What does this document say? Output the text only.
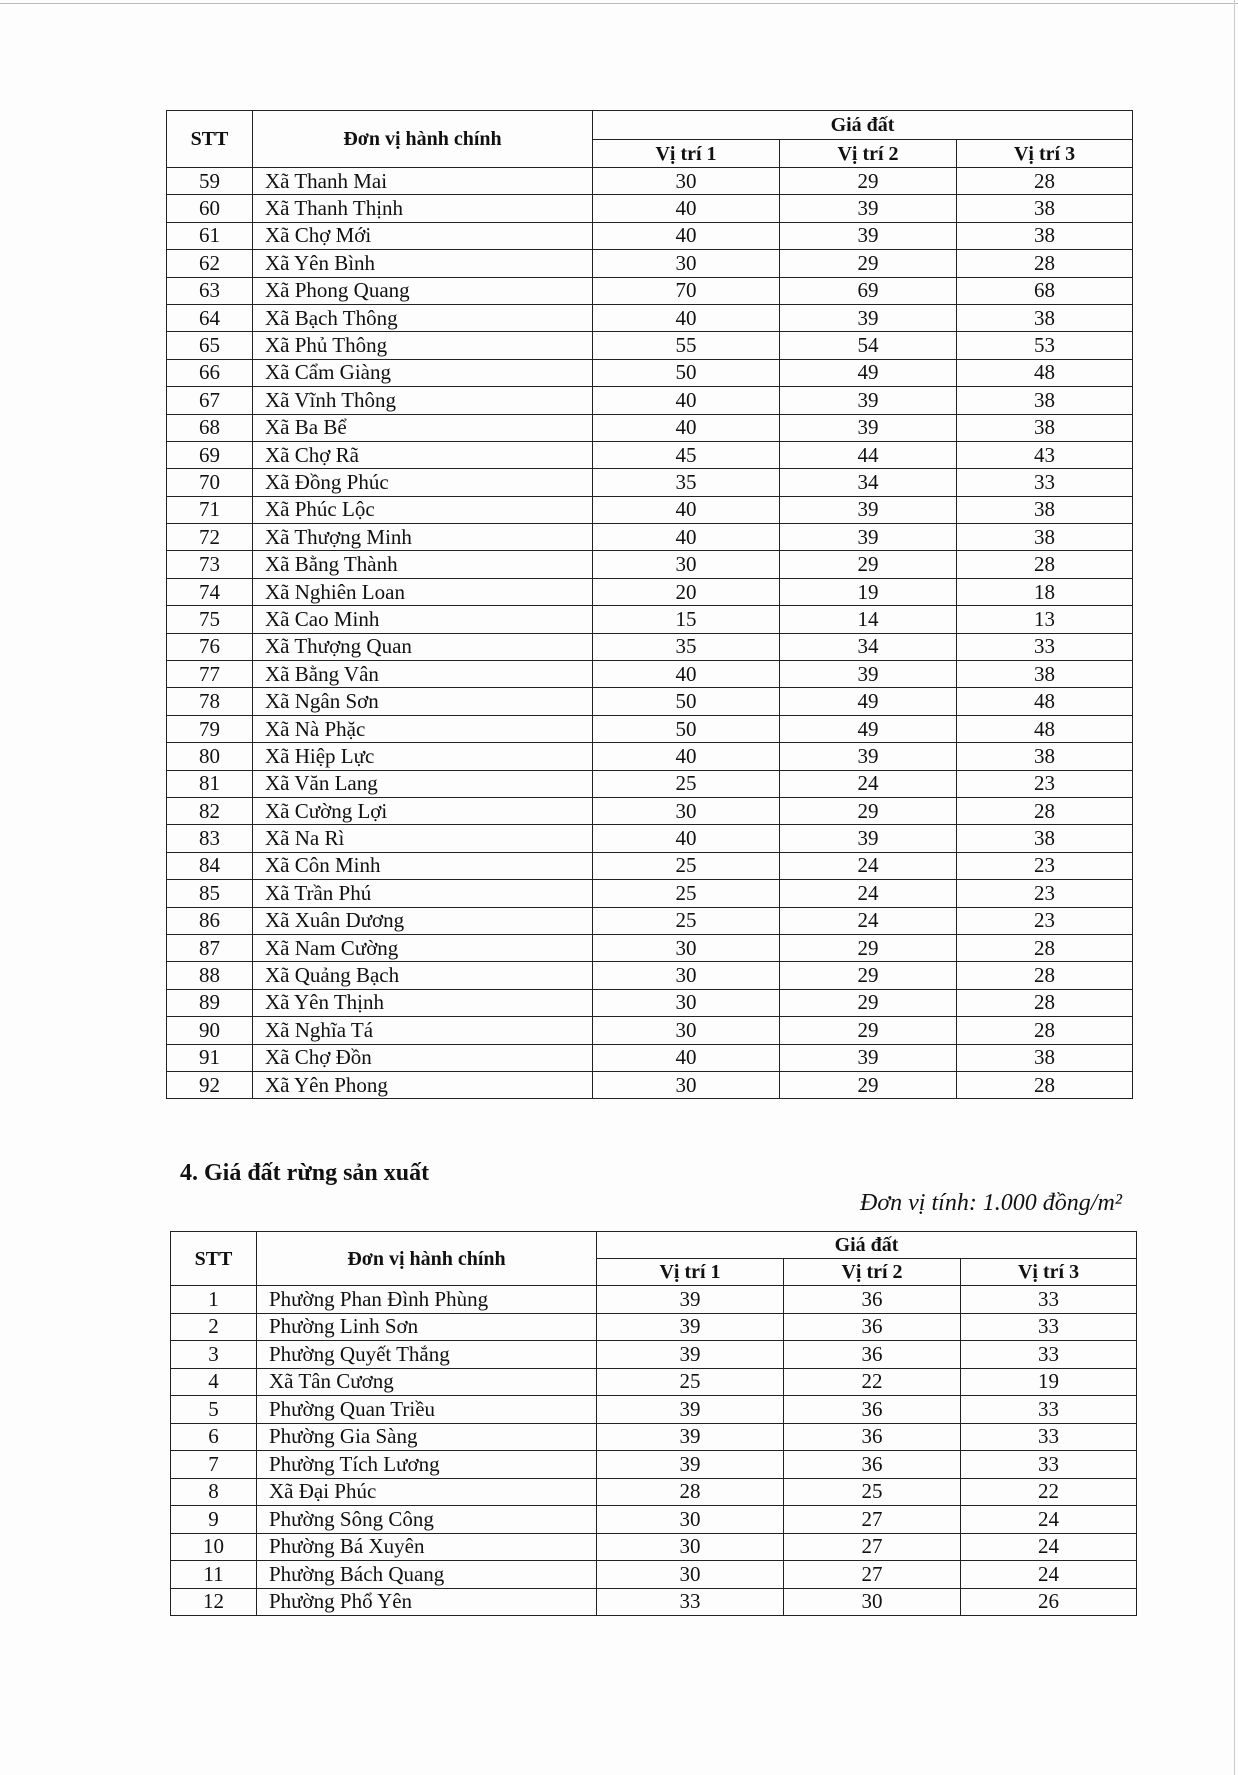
STT	Đơn vị hành chính	Giá đất		
		Vị trí 1	Vị trí 2	Vị trí 3
59	Xã Thanh Mai	30	29	28
60	Xã Thanh Thịnh	40	39	38
61	Xã Chợ Mới	40	39	38
62	Xã Yên Bình	30	29	28
63	Xã Phong Quang	70	69	68
64	Xã Bạch Thông	40	39	38
65	Xã Phủ Thông	55	54	53
66	Xã Cẩm Giàng	50	49	48
67	Xã Vĩnh Thông	40	39	38
68	Xã Ba Bể	40	39	38
69	Xã Chợ Rã	45	44	43
70	Xã Đồng Phúc	35	34	33
71	Xã Phúc Lộc	40	39	38
72	Xã Thượng Minh	40	39	38
73	Xã Bằng Thành	30	29	28
74	Xã Nghiên Loan	20	19	18
75	Xã Cao Minh	15	14	13
76	Xã Thượng Quan	35	34	33
77	Xã Bằng Vân	40	39	38
78	Xã Ngân Sơn	50	49	48
79	Xã Nà Phặc	50	49	48
80	Xã Hiệp Lực	40	39	38
81	Xã Văn Lang	25	24	23
82	Xã Cường Lợi	30	29	28
83	Xã Na Rì	40	39	38
84	Xã Côn Minh	25	24	23
85	Xã Trần Phú	25	24	23
86	Xã Xuân Dương	25	24	23
87	Xã Nam Cường	30	29	28
88	Xã Quảng Bạch	30	29	28
89	Xã Yên Thịnh	30	29	28
90	Xã Nghĩa Tá	30	29	28
91	Xã Chợ Đồn	40	39	38
92	Xã Yên Phong	30	29	28
4. Giá đất rừng sản xuất
Đơn vị tính: 1.000 đồng/m²
STT	Đơn vị hành chính	Giá đất		
		Vị trí 1	Vị trí 2	Vị trí 3
1	Phường Phan Đình Phùng	39	36	33
2	Phường Linh Sơn	39	36	33
3	Phường Quyết Thắng	39	36	33
4	Xã Tân Cương	25	22	19
5	Phường Quan Triều	39	36	33
6	Phường Gia Sàng	39	36	33
7	Phường Tích Lương	39	36	33
8	Xã Đại Phúc	28	25	22
9	Phường Sông Công	30	27	24
10	Phường Bá Xuyên	30	27	24
11	Phường Bách Quang	30	27	24
12	Phường Phổ Yên	33	30	26
